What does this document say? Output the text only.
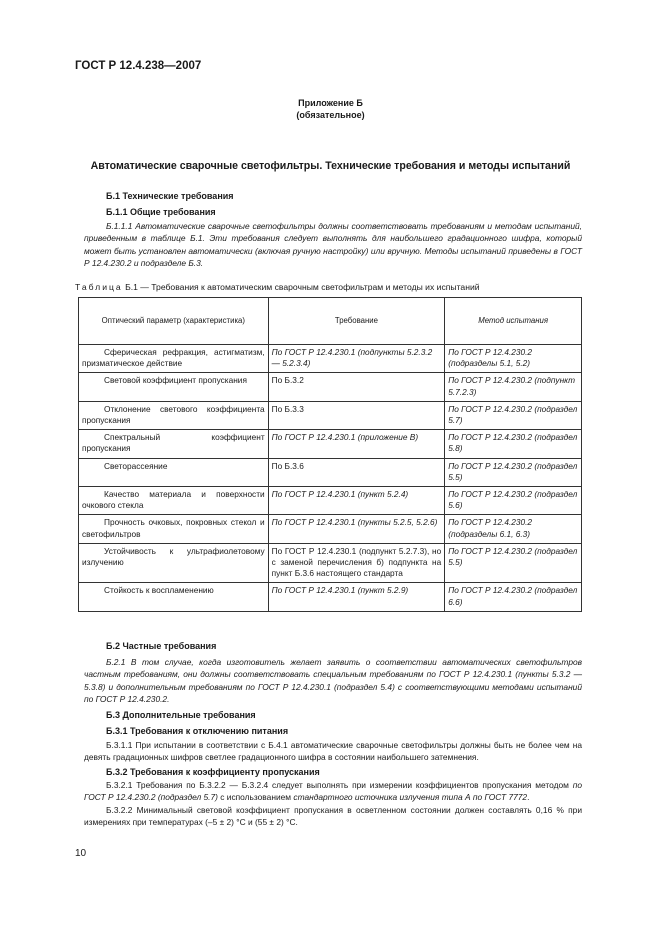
ГОСТ Р 12.4.238—2007
Приложение Б
(обязательное)
Автоматические сварочные светофильтры. Технические требования и методы испытаний
Б.1 Технические требования
Б.1.1 Общие требования
Б.1.1.1 Автоматические сварочные светофильтры должны соответствовать требованиям и методам испытаний, приведенным в таблице Б.1. Эти требования следует выполнять для наибольшего градационного шифра, который может быть установлен автоматически (включая ручную настройку) или вручную. Методы испытаний приведены в ГОСТ Р 12.4.230.2 и подразделе Б.3.
Таблица Б.1 — Требования к автоматическим сварочным светофильтрам и методы их испытаний
Оптический параметр (характеристика)	Требование	Метод испытания
Сферическая рефракция, астигматизм, призматическое действие	По ГОСТ Р 12.4.230.1 (подпункты 5.2.3.2 — 5.2.3.4)	По ГОСТ Р 12.4.230.2 (подразделы 5.1, 5.2)
Световой коэффициент пропускания	По Б.3.2	По ГОСТ Р 12.4.230.2 (подпункт 5.7.2.3)
Отклонение светового коэффициента пропускания	По Б.3.3	По ГОСТ Р 12.4.230.2 (подраздел 5.7)
Спектральный коэффициент пропускания	По ГОСТ Р 12.4.230.1 (приложение В)	По ГОСТ Р 12.4.230.2 (подраздел 5.8)
Светорассеяние	По Б.3.6	По ГОСТ Р 12.4.230.2 (подраздел 5.5)
Качество материала и поверхности очкового стекла	По ГОСТ Р 12.4.230.1 (пункт 5.2.4)	По ГОСТ Р 12.4.230.2 (подраздел 5.6)
Прочность очковых, покровных стекол и светофильтров	По ГОСТ Р 12.4.230.1 (пункты 5.2.5, 5.2.6)	По ГОСТ Р 12.4.230.2 (подразделы 6.1, 6.3)
Устойчивость к ультрафиолетовому излучению	По ГОСТ Р 12.4.230.1 (подпункт 5.2.7.3), но с заменой перечисления б) подпункта на пункт Б.3.6 настоящего стандарта	По ГОСТ Р 12.4.230.2 (подраздел 5.5)
Стойкость к воспламенению	По ГОСТ Р 12.4.230.1 (пункт 5.2.9)	По ГОСТ Р 12.4.230.2 (подраздел 6.6)
Б.2 Частные требования
Б.2.1 В том случае, когда изготовитель желает заявить о соответствии автоматических светофильтров частным требованиям, они должны соответствовать специальным требованиям по ГОСТ Р 12.4.230.1 (пункты 5.3.2 — 5.3.8) и дополнительным требованиям по ГОСТ Р 12.4.230.1 (подраздел 5.4) с соответствующими методами испытаний по ГОСТ Р 12.4.230.2.
Б.3 Дополнительные требования
Б.3.1 Требования к отключению питания
Б.3.1.1 При испытании в соответствии с Б.4.1 автоматические сварочные светофильтры должны быть не более чем на девять градационных шифров светлее градационного шифра в состоянии наибольшего затемнения.
Б.3.2 Требования к коэффициенту пропускания
Б.3.2.1 Требования по Б.3.2.2 — Б.3.2.4 следует выполнять при измерении коэффициентов пропускания методом по ГОСТ Р 12.4.230.2 (подраздел 5.7) с использованием стандартного источника излучения типа А по ГОСТ 7772.
Б.3.2.2 Минимальный световой коэффициент пропускания в осветленном состоянии должен составлять 0,16 % при измерениях при температурах (–5 ± 2) °С и (55 ± 2) °С.
10
